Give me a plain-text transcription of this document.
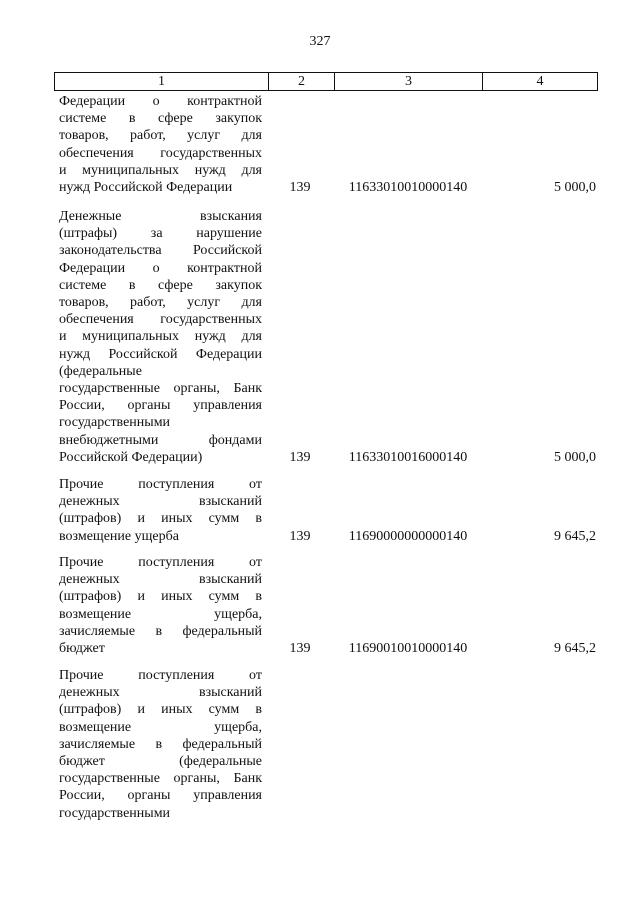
327
1	2	3	4
Федерации о контрактной
системе в сфере закупок
товаров, работ, услуг для
обеспечения государственных
и муниципальных нужд для
нужд Российской Федерации	139	11633010010000140	5 000,0
Денежные взыскания
(штрафы) за нарушение
законодательства Российской
Федерации о контрактной
системе в сфере закупок
товаров, работ, услуг для
обеспечения государственных
и муниципальных нужд для
нужд Российской Федерации
(федеральные
государственные органы, Банк
России, органы управления
государственными
внебюджетными фондами
Российской Федерации)	139	11633010016000140	5 000,0
Прочие поступления от
денежных взысканий
(штрафов) и иных сумм в
возмещение ущерба	139	11690000000000140	9 645,2
Прочие поступления от
денежных взысканий
(штрафов) и иных сумм в
возмещение ущерба,
зачисляемые в федеральный
бюджет	139	11690010010000140	9 645,2
Прочие поступления от
денежных взысканий
(штрафов) и иных сумм в
возмещение ущерба,
зачисляемые в федеральный
бюджет (федеральные
государственные органы, Банк
России, органы управления
государственными
